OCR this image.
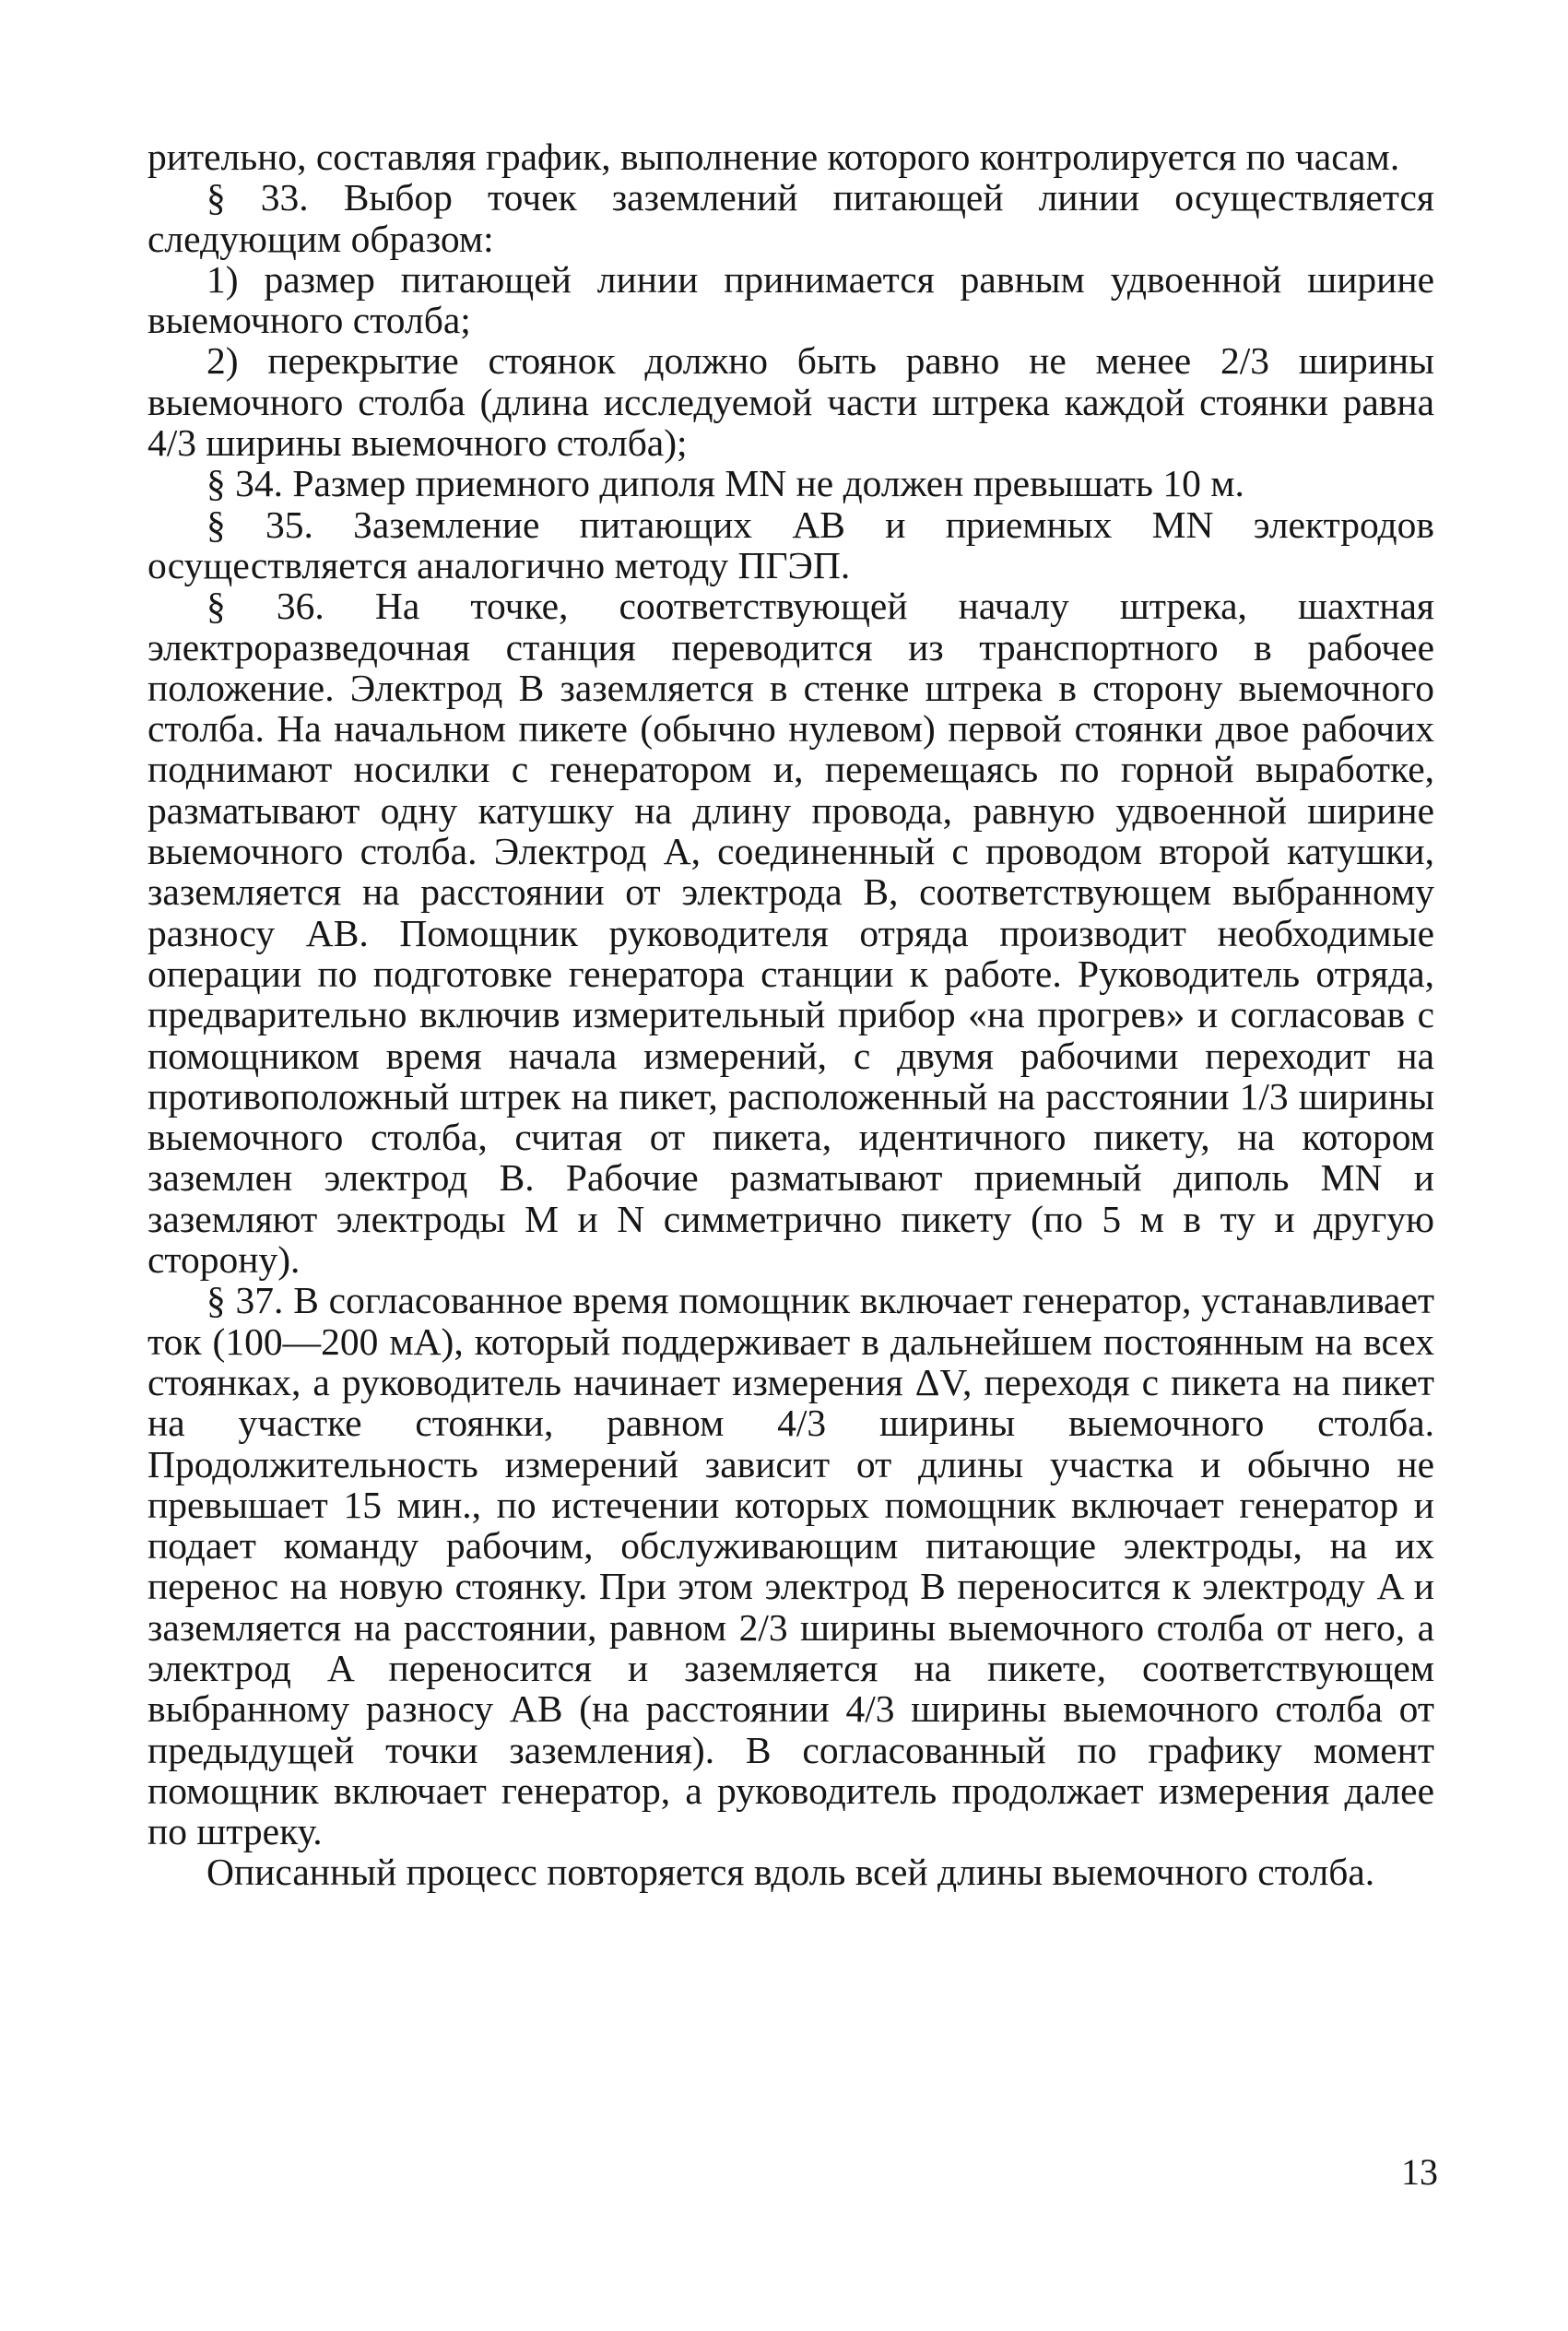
рительно, составляя график, выполнение которого контролируется по часам.

§ 33. Выбор точек заземлений питающей линии осуществляется следующим образом:

1) размер питающей линии принимается равным удвоенной ширине выемочного столба;

2) перекрытие стоянок должно быть равно не менее 2/3 ширины выемочного столба (длина исследуемой части штрека каждой стоянки равна 4/3 ширины выемочного столба);

§ 34. Размер приемного диполя MN не должен превышать 10 м.

§ 35. Заземление питающих AB и приемных MN электродов осуществляется аналогично методу ПГЭП.

§ 36. На точке, соответствующей началу штрека, шахтная электроразведочная станция переводится из транспортного в рабочее положение. Электрод B заземляется в стенке штрека в сторону выемочного столба. На начальном пикете (обычно нулевом) первой стоянки двое рабочих поднимают носилки с генератором и, перемещаясь по горной выработке, разматывают одну катушку на длину провода, равную удвоенной ширине выемочного столба. Электрод A, соединенный с проводом второй катушки, заземляется на расстоянии от электрода B, соответствующем выбранному разносу AB. Помощник руководителя отряда производит необходимые операции по подготовке генератора станции к работе. Руководитель отряда, предварительно включив измерительный прибор «на прогрев» и согласовав с помощником время начала измерений, с двумя рабочими переходит на противоположный штрек на пикет, расположенный на расстоянии 1/3 ширины выемочного столба, считая от пикета, идентичного пикету, на котором заземлен электрод B. Рабочие разматывают приемный диполь MN и заземляют электроды M и N симметрично пикету (по 5 м в ту и другую сторону).

§ 37. В согласованное время помощник включает генератор, устанавливает ток (100—200 мА), который поддерживает в дальнейшем постоянным на всех стоянках, а руководитель начинает измерения ΔV, переходя с пикета на пикет на участке стоянки, равном 4/3 ширины выемочного столба. Продолжительность измерений зависит от длины участка и обычно не превышает 15 мин., по истечении которых помощник включает генератор и подает команду рабочим, обслуживающим питающие электроды, на их перенос на новую стоянку. При этом электрод B переносится к электроду A и заземляется на расстоянии, равном 2/3 ширины выемочного столба от него, а электрод A переносится и заземляется на пикете, соответствующем выбранному разносу AB (на расстоянии 4/3 ширины выемочного столба от предыдущей точки заземления). В согласованный по графику момент помощник включает генератор, а руководитель продолжает измерения далее по штреку.

Описанный процесс повторяется вдоль всей длины выемочного столба.

13
